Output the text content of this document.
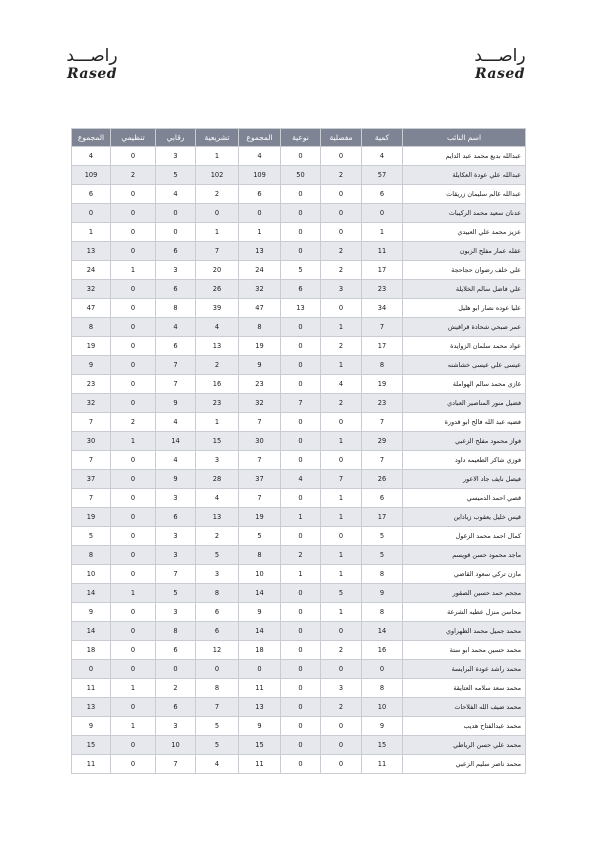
راصـــد
Rased
راصـــد
Rased
المجموع	تنظيمي	رقابي	تشريعية	المجموع	نوعية	مفصلية	كمية	اسم النائب
4	0	3	1	4	0	0	4	عبدالله بديع محمد عبد الدايم
109	2	5	102	109	50	2	57	عبدالله علي عودة العكايلة
6	0	4	2	6	0	0	6	عبدالله غالم سليمان زريقات
0	0	0	0	0	0	0	0	عدنان سعيد محمد الركيبات
1	0	0	1	1	0	0	1	عزيز محمد علي العبيدي
13	0	6	7	13	0	2	11	عقله عمار مفلح الزبون
24	1	3	20	24	5	2	17	علي خلف رضوان حجاحجة
32	0	6	26	32	6	3	23	علي فاضل سالم الخلايلة
47	0	8	39	47	13	0	34	عليا عوده نصار ابو هليل
8	0	4	4	8	0	1	7	عمر صبحي شحادة قراقيش
19	0	6	13	19	0	2	17	عواد محمد سلمان الزوايدة
9	0	7	2	9	0	1	8	عيسى علي عيسى خشاشنه
23	0	7	16	23	0	4	19	غازي محمد سالم الهواملة
32	0	9	23	32	7	2	23	فضيل منور المناصير العبادي
7	2	4	1	7	0	0	7	فضيه عبد الله فالح ابو قدورة
30	1	14	15	30	0	1	29	فواز محمود مفلح الزعبي
7	0	4	3	7	0	0	7	فوزي شاكر الطعيمه داود
37	0	9	28	37	4	7	26	فيصل نايف جاد الاعور
7	0	3	4	7	0	1	6	قصي احمد الدميسي
19	0	6	13	19	1	1	17	قيس خليل يعقوب زياداين
5	0	3	2	5	0	0	5	كمال احمد محمد الزغول
8	0	3	5	8	2	1	5	ماجد محمود حسن قويسم
10	0	7	3	10	1	1	8	مازن تركي سعود القاضي
14	1	5	8	14	0	5	9	مجحم حمد حسين الصقور
9	0	3	6	9	0	1	8	محاسن منزل عطيه الشرعة
14	0	8	6	14	0	0	14	محمد جميل محمد الظهراوي
18	0	6	12	18	0	2	16	محمد حسين محمد ابو ستة
0	0	0	0	0	0	0	0	محمد راشد عودة البرايسة
11	1	2	8	11	0	3	8	محمد سعد سلامه العتايقة
13	0	6	7	13	0	2	10	محمد ضيف الله الفلاحات
9	1	3	5	9	0	0	9	محمد عبدالفتاح هديب
15	0	10	5	15	0	0	15	محمد علي حسن الرياطي
11	0	7	4	11	0	0	11	محمد ناصر سليم الزعبي
